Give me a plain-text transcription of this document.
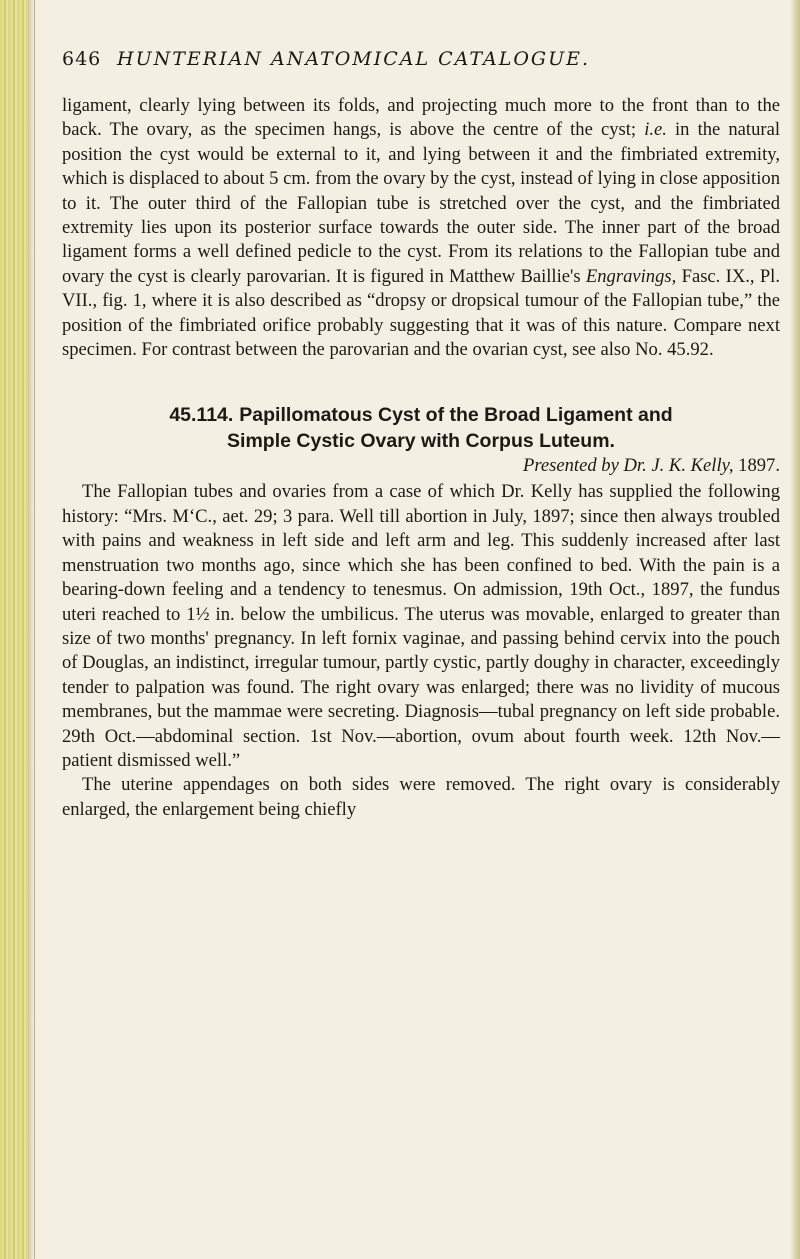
646 HUNTERIAN ANATOMICAL CATALOGUE.

ligament, clearly lying between its folds, and projecting much more to the front than to the back. The ovary, as the specimen hangs, is above the centre of the cyst; i.e. in the natural position the cyst would be external to it, and lying between it and the fimbriated extremity, which is displaced to about 5 cm. from the ovary by the cyst, instead of lying in close apposition to it. The outer third of the Fallopian tube is stretched over the cyst, and the fimbriated extremity lies upon its posterior surface towards the outer side. The inner part of the broad ligament forms a well defined pedicle to the cyst. From its relations to the Fallopian tube and ovary the cyst is clearly parovarian. It is figured in Matthew Baillie's Engravings, Fasc. IX., Pl. VII., fig. 1, where it is also described as “dropsy or dropsical tumour of the Fallopian tube,” the position of the fimbriated orifice probably suggesting that it was of this nature. Compare next specimen. For contrast between the parovarian and the ovarian cyst, see also No. 45.92.

45.114. Papillomatous Cyst of the Broad Ligament and
Simple Cystic Ovary with Corpus Luteum.
Presented by Dr. J. K. Kelly, 1897.

The Fallopian tubes and ovaries from a case of which Dr. Kelly has supplied the following history: “Mrs. M‘C., aet. 29; 3 para. Well till abortion in July, 1897; since then always troubled with pains and weakness in left side and left arm and leg. This suddenly increased after last menstruation two months ago, since which she has been confined to bed. With the pain is a bearing-down feeling and a tendency to tenesmus. On admission, 19th Oct., 1897, the fundus uteri reached to 1½ in. below the umbilicus. The uterus was movable, enlarged to greater than size of two months' pregnancy. In left fornix vaginae, and passing behind cervix into the pouch of Douglas, an indistinct, irregular tumour, partly cystic, partly doughy in character, exceedingly tender to palpation was found. The right ovary was enlarged; there was no lividity of mucous membranes, but the mammae were secreting. Diagnosis—tubal pregnancy on left side probable. 29th Oct.—abdominal section. 1st Nov.—abortion, ovum about fourth week. 12th Nov.—patient dismissed well.”

The uterine appendages on both sides were removed. The right ovary is considerably enlarged, the enlargement being chiefly
